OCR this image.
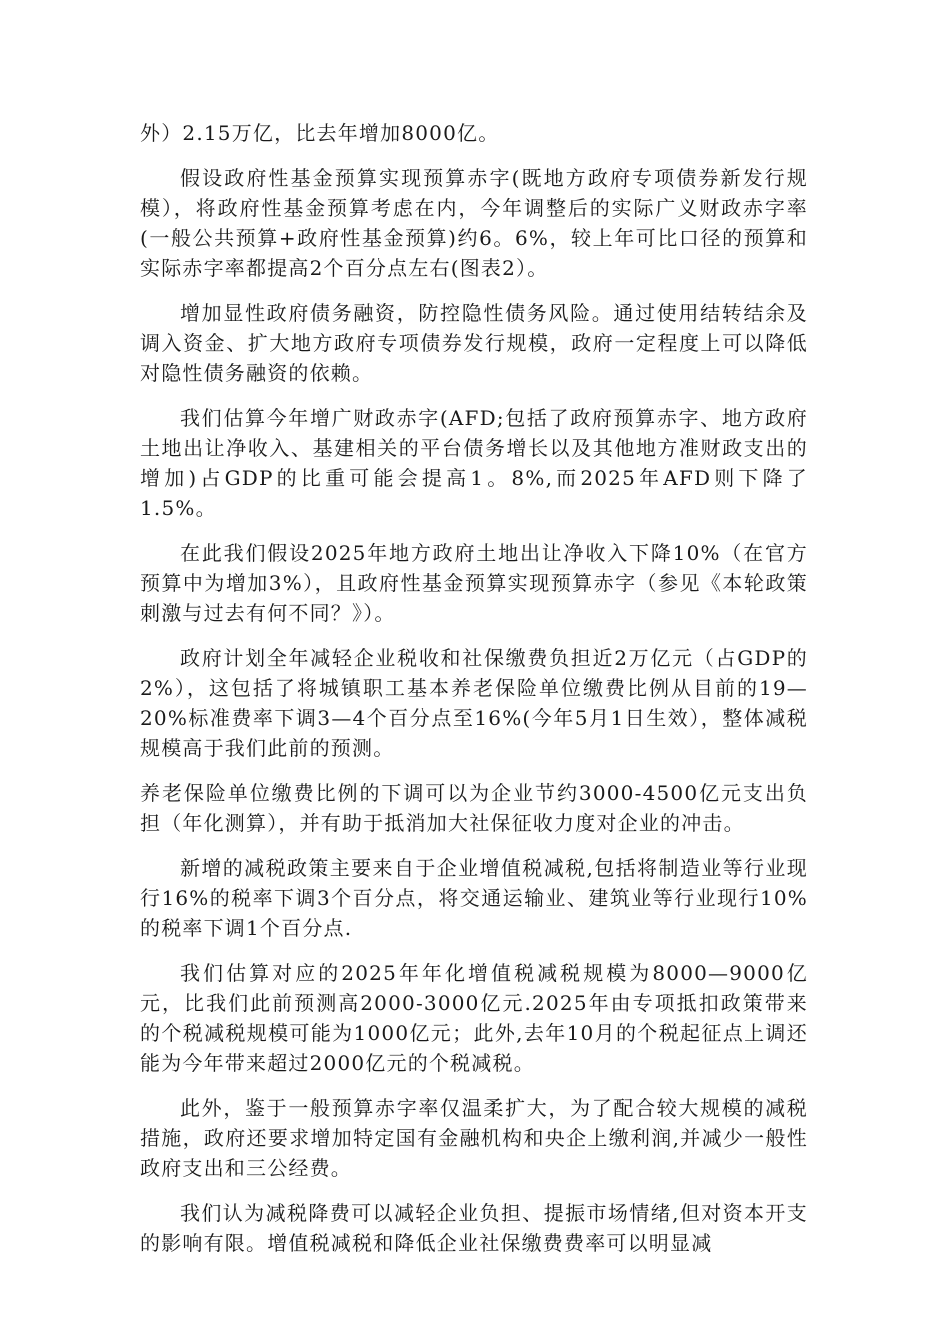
外）2.15万亿，比去年增加8000亿。

假设政府性基金预算实现预算赤字(既地方政府专项债券新发行规模），将政府性基金预算考虑在内，今年调整后的实际广义财政赤字率(一般公共预算+政府性基金预算)约6。6%，较上年可比口径的预算和实际赤字率都提高2个百分点左右(图表2）。

增加显性政府债务融资，防控隐性债务风险。通过使用结转结余及调入资金、扩大地方政府专项债券发行规模，政府一定程度上可以降低对隐性债务融资的依赖。

我们估算今年增广财政赤字(AFD;包括了政府预算赤字、地方政府土地出让净收入、基建相关的平台债务增长以及其他地方准财政支出的增加)占GDP的比重可能会提高1。8%,而2025年AFD则下降了1.5%。

在此我们假设2025年地方政府土地出让净收入下降10%（在官方预算中为增加3%），且政府性基金预算实现预算赤字（参见《本轮政策刺激与过去有何不同？》）。

政府计划全年减轻企业税收和社保缴费负担近2万亿元（占GDP的2%），这包括了将城镇职工基本养老保险单位缴费比例从目前的19—20%标准费率下调3—4个百分点至16%(今年5月1日生效），整体减税规模高于我们此前的预测。

养老保险单位缴费比例的下调可以为企业节约3000-4500亿元支出负担（年化测算），并有助于抵消加大社保征收力度对企业的冲击。

新增的减税政策主要来自于企业增值税减税,包括将制造业等行业现行16%的税率下调3个百分点，将交通运输业、建筑业等行业现行10%的税率下调1个百分点.

我们估算对应的2025年年化增值税减税规模为8000—9000亿元，比我们此前预测高2000-3000亿元.2025年由专项抵扣政策带来的个税减税规模可能为1000亿元；此外,去年10月的个税起征点上调还能为今年带来超过2000亿元的个税减税。

此外，鉴于一般预算赤字率仅温柔扩大，为了配合较大规模的减税措施，政府还要求增加特定国有金融机构和央企上缴利润,并减少一般性政府支出和三公经费。

我们认为减税降费可以减轻企业负担、提振市场情绪,但对资本开支的影响有限。增值税减税和降低企业社保缴费费率可以明显减
